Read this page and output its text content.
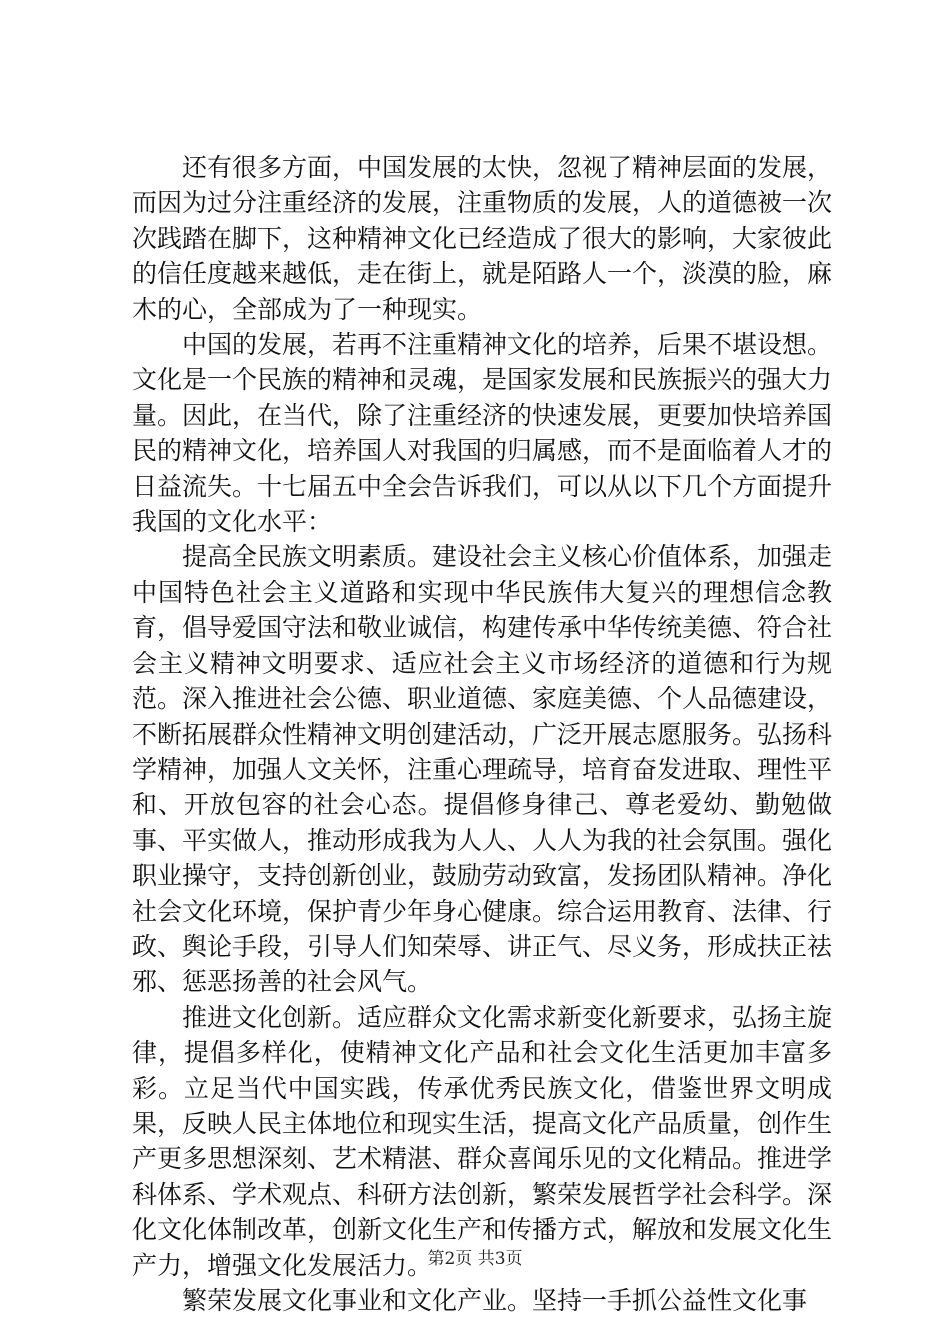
还有很多方面，中国发展的太快，忽视了精神层面的发展，而因为过分注重经济的发展，注重物质的发展，人的道德被一次次践踏在脚下，这种精神文化已经造成了很大的影响，大家彼此的信任度越来越低，走在街上，就是陌路人一个，淡漠的脸，麻木的心，全部成为了一种现实。

中国的发展，若再不注重精神文化的培养，后果不堪设想。文化是一个民族的精神和灵魂，是国家发展和民族振兴的强大力量。因此，在当代，除了注重经济的快速发展，更要加快培养国民的精神文化，培养国人对我国的归属感，而不是面临着人才的日益流失。十七届五中全会告诉我们，可以从以下几个方面提升我国的文化水平：

提高全民族文明素质。建设社会主义核心价值体系，加强走中国特色社会主义道路和实现中华民族伟大复兴的理想信念教育，倡导爱国守法和敬业诚信，构建传承中华传统美德、符合社会主义精神文明要求、适应社会主义市场经济的道德和行为规范。深入推进社会公德、职业道德、家庭美德、个人品德建设，不断拓展群众性精神文明创建活动，广泛开展志愿服务。弘扬科学精神，加强人文关怀，注重心理疏导，培育奋发进取、理性平和、开放包容的社会心态。提倡修身律己、尊老爱幼、勤勉做事、平实做人，推动形成我为人人、人人为我的社会氛围。强化职业操守，支持创新创业，鼓励劳动致富，发扬团队精神。净化社会文化环境，保护青少年身心健康。综合运用教育、法律、行政、舆论手段，引导人们知荣辱、讲正气、尽义务，形成扶正祛邪、惩恶扬善的社会风气。

推进文化创新。适应群众文化需求新变化新要求，弘扬主旋律，提倡多样化，使精神文化产品和社会文化生活更加丰富多彩。立足当代中国实践，传承优秀民族文化，借鉴世界文明成果，反映人民主体地位和现实生活，提高文化产品质量，创作生产更多思想深刻、艺术精湛、群众喜闻乐见的文化精品。推进学科体系、学术观点、科研方法创新，繁荣发展哲学社会科学。深化文化体制改革，创新文化生产和传播方式，解放和发展文化生产力，增强文化发展活力。

繁荣发展文化事业和文化产业。坚持一手抓公益性文化事

第2页 共3页
